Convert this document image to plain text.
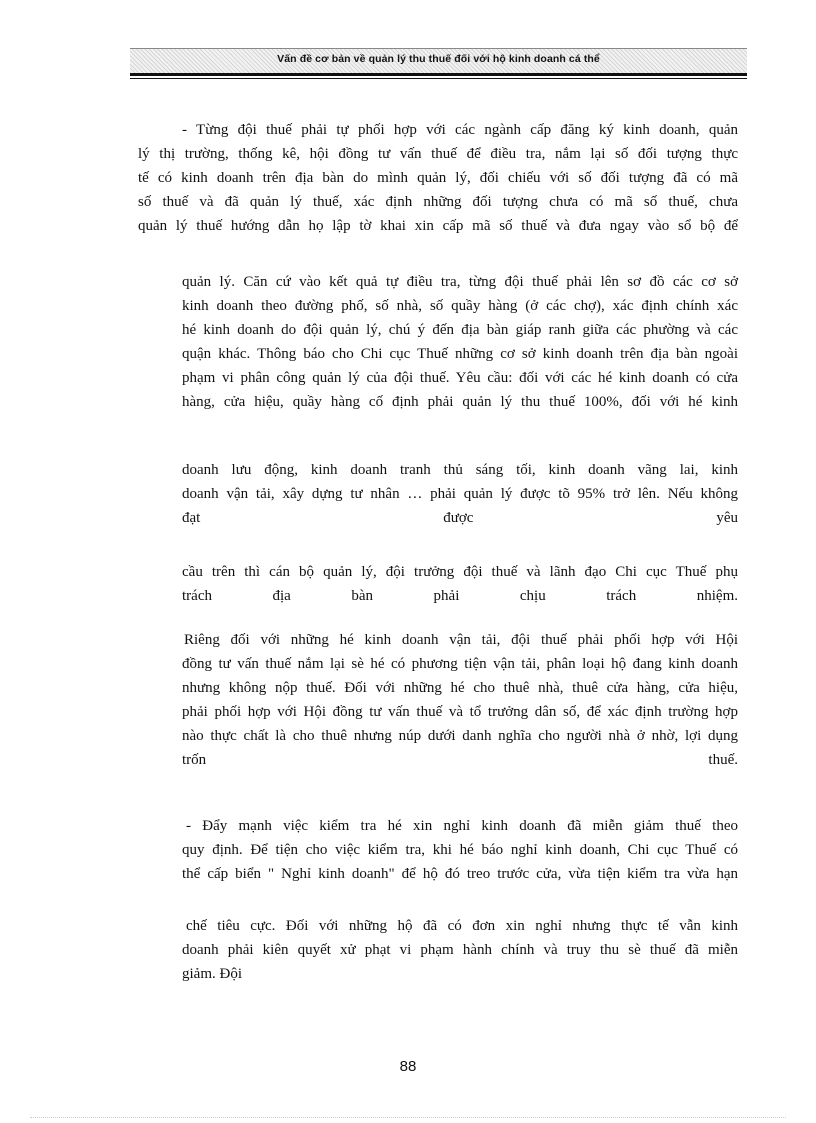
Vấn đề cơ bản về quản lý thu thuế đối với hộ kinh doanh cá thể
- Từng đội thuế phải tự phối hợp với các ngành cấp đăng ký kinh doanh, quản
lý thị trường, thống kê, hội đồng tư vấn thuế để điều tra, nắm lại số đối tượng thực
tế có kinh doanh trên địa bàn do mình quản lý, đối chiếu với số đối tượng đã có mã
số thuế và đã quản lý thuế, xác định những đối tượng chưa có mã số thuế, chưa
quản lý thuế hướng dẫn họ lập tờ khai xin cấp mã số thuế và đưa ngay vào sổ bộ để
quản lý. Căn cứ vào kết quả tự điều tra, từng đội thuế phải lên sơ đồ các cơ sở
kinh doanh theo đường phố, số nhà, số quầy hàng (ở các chợ), xác định chính xác
hé kinh doanh do đội quản lý, chú ý đến địa bàn giáp ranh giữa các phường và các
quận khác. Thông báo cho Chi cục Thuế những cơ sở kinh doanh trên địa bàn ngoài
phạm vi phân công quản lý của đội thuế. Yêu cầu: đối với các hé kinh doanh có cửa
hàng, cửa hiệu, quầy hàng cố định phải quản lý thu thuế 100%, đối với hé kinh
doanh lưu động, kinh doanh tranh thủ sáng tối, kinh doanh vãng lai, kinh
doanh vận tải, xây dựng tư nhân … phải quản lý được tõ 95% trở lên. Nếu không
đạt được yêu
cầu trên thì cán bộ quản lý, đội trưởng đội thuế và lãnh đạo Chi cục Thuế phụ
trách địa bàn phải chịu trách nhiệm.
Riêng đối với những hé kinh doanh vận tải, đội thuế phải phối hợp với Hội
đồng tư vấn thuế nắm lại sè hé có phương tiện vận tải, phân loại hộ đang kinh doanh
nhưng không nộp thuế. Đối với những hé cho thuê nhà, thuê cửa hàng, cửa hiệu,
phải phối hợp với Hội đồng tư vấn thuế và tổ trưởng dân số, để xác định trường hợp
nào thực chất là cho thuê nhưng núp dưới danh nghĩa cho người nhà ở nhờ, lợi dụng
trốn thuế.
- Đẩy mạnh việc kiểm tra hé xin nghỉ kinh doanh đã miễn giảm thuế theo
quy định. Để tiện cho việc kiểm tra, khi hé báo nghỉ kinh doanh, Chi cục Thuế có
thể cấp biển " Nghỉ kinh doanh" để hộ đó treo trước cửa, vừa tiện kiểm tra vừa hạn
chế tiêu cực. Đối với những hộ đã có đơn xin nghỉ nhưng thực tế vẫn kinh
doanh phải kiên quyết xử phạt vi phạm hành chính và truy thu sè thuế đã miễn
giảm. Đội
88
